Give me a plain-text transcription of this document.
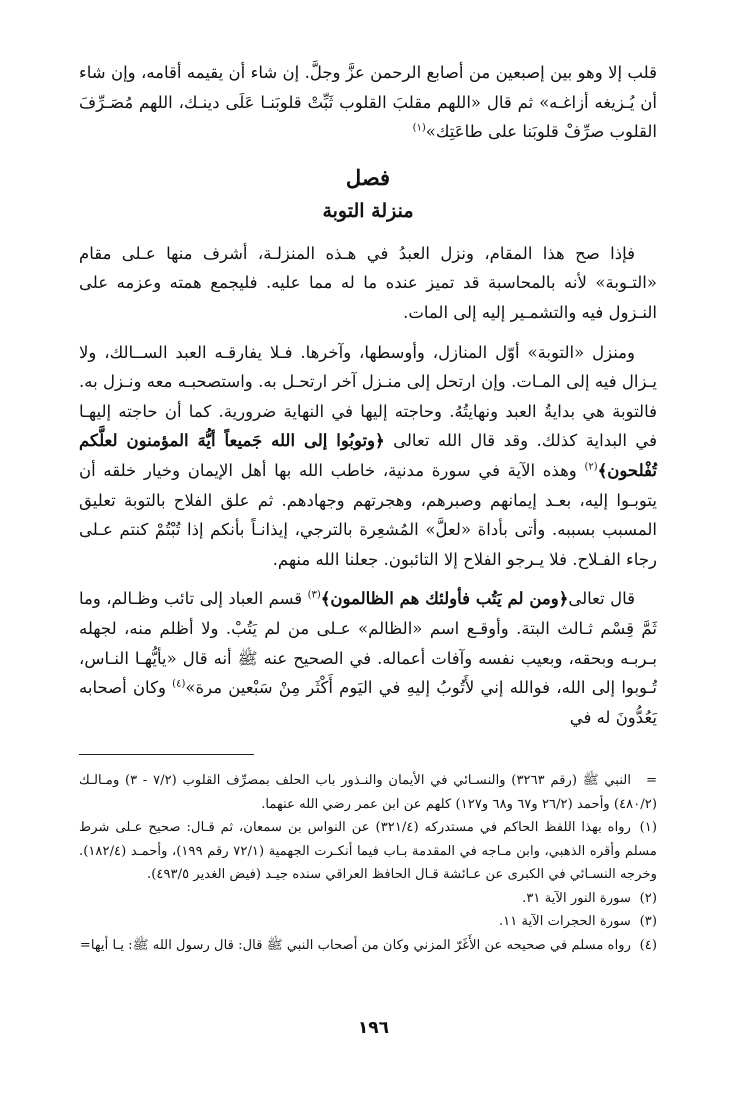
قلب إلا وهو بين إصبعين من أصابع الرحمن عزَّ وجلَّ. إن شاء أن يقيمه أقامه، وإن شاء أن يُـزيغه أزاغـه» ثم قال «اللهم مقلبَ القلوب ثَبِّتْ قلوبَنـا عَلَى دينـك، اللهم مُصَـرِّفَ القلوب صرِّفْ قلوبَنا على طاعَتِك»$^{(١)}$

فصل
منزلة التوبة

فإذا صح هذا المقام، ونزل العبدُ في هـذه المنزلـة، أشرف منها عـلى مقام «التـوبة» لأنه بالمحاسبة قد تميز عنده ما له مما عليه. فليجمع همته وعزمه على النـزول فيه والتشمـير إليه إلى المات.

ومنزل «التوبة» أوّل المنازل، وأوسطها، وآخرها. فـلا يفارقـه العبد الســالك، ولا يـزال فيه إلى المـات. وإن ارتحل إلى منـزل آخر ارتحـل به. واستصحبـه معه ونـزل به. فالتوبة هي بدايةُ العبد ونهايتُهُ. وحاجته إليها في النهاية ضرورية. كما أن حاجته إليهـا في البداية كذلك. وقد قال الله تعالى ﴿وتوبُوا إلى الله جَميعاً أيُّهَ المؤمنون لعلَّكم تُفْلحون﴾$^{(٢)}$ وهذه الآية في سورة مدنية، خاطب الله بها أهل الإيمان وخيار خلقه أن يتوبـوا إليه، بعـد إيمانهم وصبرهم، وهجرتهم وجهادهم. ثم علق الفلاح بالتوبة تعليق المسبب بسببه. وأتى بأداة «لعلَّ» المُشعِرة بالترجي، إيذانـاً بأنكم إذا تُبْتُمْ كنتم عـلى رجاء الفـلاح. فلا يـرجو الفلاح إلا التائبون. جعلنا الله منهم.

قال تعالى﴿ومن لم يَتُب فأولئك هم الظالمون﴾$^{(٣)}$ قسم العباد إلى تائب وظـالم، وما ثَمَّ قِسْم ثـالث البتة. وأوقـع اسم «الظالم» عـلى من لم يَتُبْ. ولا أظلم منه، لجهله بـربـه وبحقه، وبعيب نفسه وآفات أعماله. في الصحيح عنه ﷺ أنه قال «يأيُّهـا النـاس، تُـوبوا إلى الله، فوالله إني لأَتُوبُ إليهِ في اليَوم أَكْثَر مِنْ سَبْعين مرة»$^{(٤)}$ وكان أصحابه يَعُدُّونَ له في

=النبي ﷺ (رقم ٣٢٦٣) والنسـائي في الأيمان والنـذور باب الحلف بمصرِّف القلوب (٧/٢ - ٣) ومـالـك (٤٨٠/٢) وأحمد (٢٦/٢ و٦٧ و٦٨ و١٢٧) كلهم عن ابن عمر رضي الله عنهما.

(١)رواه بهذا اللفظ الحاكم في مستدركه (٣٢١/٤) عن النواس بن سمعان، ثم قـال: صحيح عـلى شرط مسلم وأقره الذهبي، وابن مـاجه في المقدمة بـاب فيما أنكـرت الجهمية (٧٢/١ رقم ١٩٩)، وأحمـد (١٨٢/٤). وخرجه النسـائي في الكبرى عن عـائشة قـال الحافظ العراقي سنده جيـد (فيض الغدير ٤٩٣/٥).

(٢)سورة النور الآية ٣١.

(٣)سورة الحجرات الآية ١١.

(٤)رواه مسلم في صحيحه عن الأَغَرّ المزني وكان من أصحاب النبي ﷺ قال: قال رسول الله ﷺ: يـا أيها=

١٩٦
